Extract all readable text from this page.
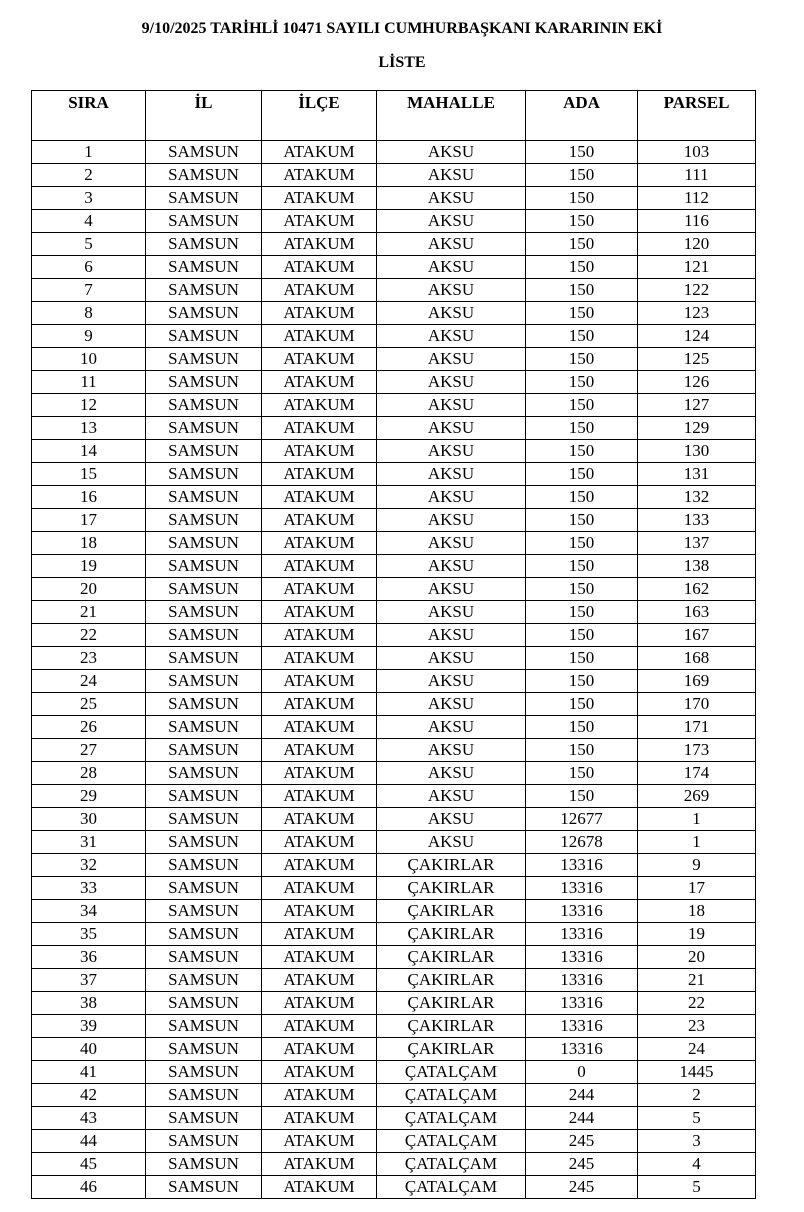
9/10/2025 TARİHLİ 10471 SAYILI CUMHURBAŞKANI KARARININ EKİ
LİSTE
SIRA	İL	İLÇE	MAHALLE	ADA	PARSEL
1	SAMSUN	ATAKUM	AKSU	150	103
2	SAMSUN	ATAKUM	AKSU	150	111
3	SAMSUN	ATAKUM	AKSU	150	112
4	SAMSUN	ATAKUM	AKSU	150	116
5	SAMSUN	ATAKUM	AKSU	150	120
6	SAMSUN	ATAKUM	AKSU	150	121
7	SAMSUN	ATAKUM	AKSU	150	122
8	SAMSUN	ATAKUM	AKSU	150	123
9	SAMSUN	ATAKUM	AKSU	150	124
10	SAMSUN	ATAKUM	AKSU	150	125
11	SAMSUN	ATAKUM	AKSU	150	126
12	SAMSUN	ATAKUM	AKSU	150	127
13	SAMSUN	ATAKUM	AKSU	150	129
14	SAMSUN	ATAKUM	AKSU	150	130
15	SAMSUN	ATAKUM	AKSU	150	131
16	SAMSUN	ATAKUM	AKSU	150	132
17	SAMSUN	ATAKUM	AKSU	150	133
18	SAMSUN	ATAKUM	AKSU	150	137
19	SAMSUN	ATAKUM	AKSU	150	138
20	SAMSUN	ATAKUM	AKSU	150	162
21	SAMSUN	ATAKUM	AKSU	150	163
22	SAMSUN	ATAKUM	AKSU	150	167
23	SAMSUN	ATAKUM	AKSU	150	168
24	SAMSUN	ATAKUM	AKSU	150	169
25	SAMSUN	ATAKUM	AKSU	150	170
26	SAMSUN	ATAKUM	AKSU	150	171
27	SAMSUN	ATAKUM	AKSU	150	173
28	SAMSUN	ATAKUM	AKSU	150	174
29	SAMSUN	ATAKUM	AKSU	150	269
30	SAMSUN	ATAKUM	AKSU	12677	1
31	SAMSUN	ATAKUM	AKSU	12678	1
32	SAMSUN	ATAKUM	ÇAKIRLAR	13316	9
33	SAMSUN	ATAKUM	ÇAKIRLAR	13316	17
34	SAMSUN	ATAKUM	ÇAKIRLAR	13316	18
35	SAMSUN	ATAKUM	ÇAKIRLAR	13316	19
36	SAMSUN	ATAKUM	ÇAKIRLAR	13316	20
37	SAMSUN	ATAKUM	ÇAKIRLAR	13316	21
38	SAMSUN	ATAKUM	ÇAKIRLAR	13316	22
39	SAMSUN	ATAKUM	ÇAKIRLAR	13316	23
40	SAMSUN	ATAKUM	ÇAKIRLAR	13316	24
41	SAMSUN	ATAKUM	ÇATALÇAM	0	1445
42	SAMSUN	ATAKUM	ÇATALÇAM	244	2
43	SAMSUN	ATAKUM	ÇATALÇAM	244	5
44	SAMSUN	ATAKUM	ÇATALÇAM	245	3
45	SAMSUN	ATAKUM	ÇATALÇAM	245	4
46	SAMSUN	ATAKUM	ÇATALÇAM	245	5
